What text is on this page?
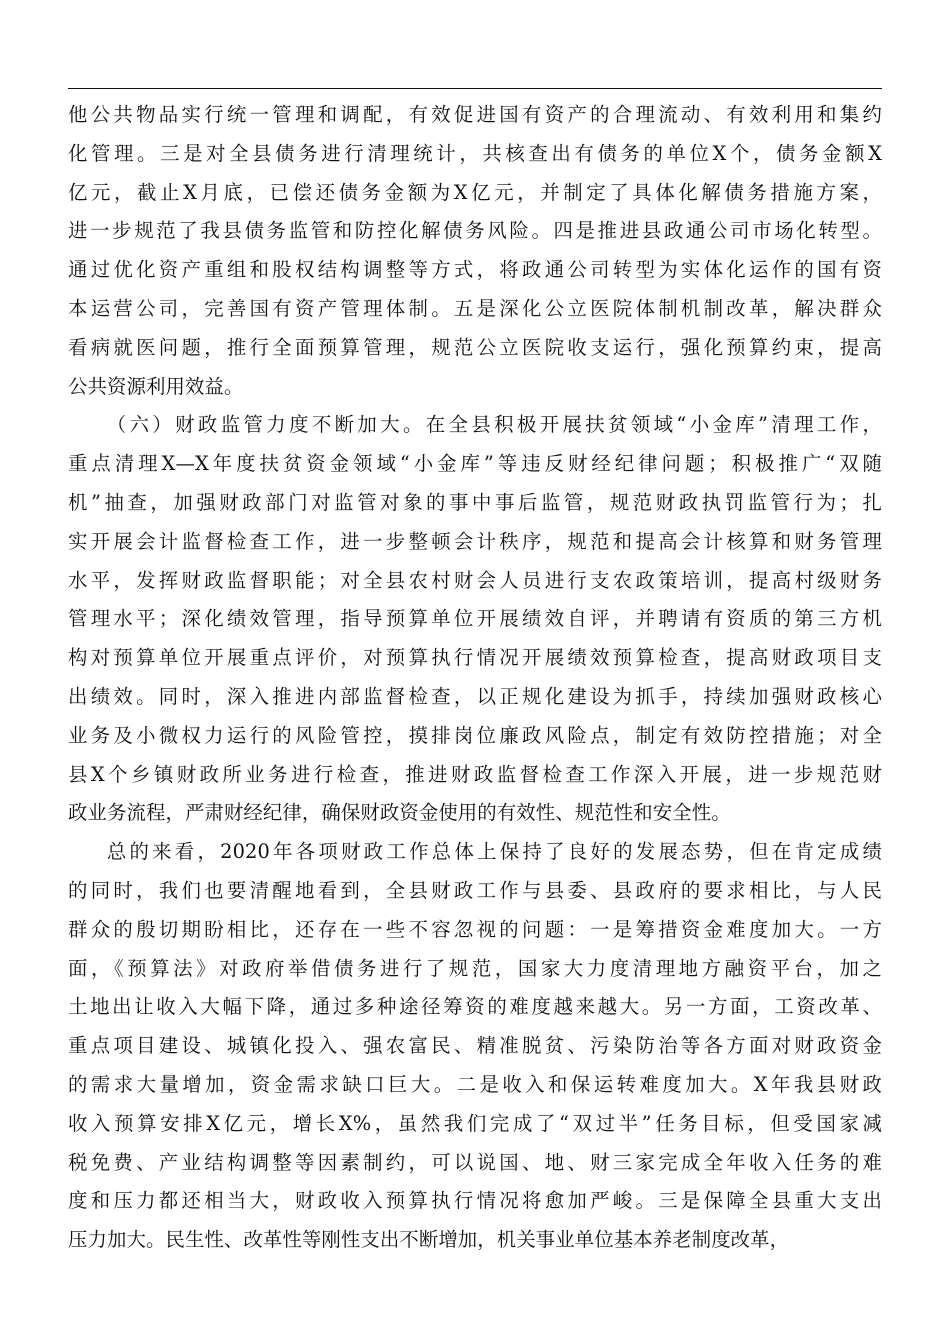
他公共物品实行统一管理和调配，有效促进国有资产的合理流动、有效利用和集约
化管理。三是对全县债务进行清理统计，共核查出有债务的单位X个，债务金额X
亿元，截止X月底，已偿还债务金额为X亿元，并制定了具体化解债务措施方案，
进一步规范了我县债务监管和防控化解债务风险。四是推进县政通公司市场化转型。
通过优化资产重组和股权结构调整等方式，将政通公司转型为实体化运作的国有资
本运营公司，完善国有资产管理体制。五是深化公立医院体制机制改革，解决群众
看病就医问题，推行全面预算管理，规范公立医院收支运行，强化预算约束，提高
公共资源利用效益。
（六）财政监管力度不断加大。在全县积极开展扶贫领域“小金库”清理工作，
重点清理X—X年度扶贫资金领域“小金库”等违反财经纪律问题；积极推广“双随
机”抽查，加强财政部门对监管对象的事中事后监管，规范财政执罚监管行为；扎
实开展会计监督检查工作，进一步整顿会计秩序，规范和提高会计核算和财务管理
水平，发挥财政监督职能；对全县农村财会人员进行支农政策培训，提高村级财务
管理水平；深化绩效管理，指导预算单位开展绩效自评，并聘请有资质的第三方机
构对预算单位开展重点评价，对预算执行情况开展绩效预算检查，提高财政项目支
出绩效。同时，深入推进内部监督检查，以正规化建设为抓手，持续加强财政核心
业务及小微权力运行的风险管控，摸排岗位廉政风险点，制定有效防控措施；对全
县X个乡镇财政所业务进行检查，推进财政监督检查工作深入开展，进一步规范财
政业务流程，严肃财经纪律，确保财政资金使用的有效性、规范性和安全性。
总的来看，2020年各项财政工作总体上保持了良好的发展态势，但在肯定成绩
的同时，我们也要清醒地看到，全县财政工作与县委、县政府的要求相比，与人民
群众的殷切期盼相比，还存在一些不容忽视的问题：一是筹措资金难度加大。一方
面，《预算法》对政府举借债务进行了规范，国家大力度清理地方融资平台，加之
土地出让收入大幅下降，通过多种途径筹资的难度越来越大。另一方面，工资改革、
重点项目建设、城镇化投入、强农富民、精准脱贫、污染防治等各方面对财政资金
的需求大量增加，资金需求缺口巨大。二是收入和保运转难度加大。X年我县财政
收入预算安排X亿元，增长X%，虽然我们完成了“双过半”任务目标，但受国家减
税免费、产业结构调整等因素制约，可以说国、地、财三家完成全年收入任务的难
度和压力都还相当大，财政收入预算执行情况将愈加严峻。三是保障全县重大支出
压力加大。民生性、改革性等刚性支出不断增加，机关事业单位基本养老制度改革，
